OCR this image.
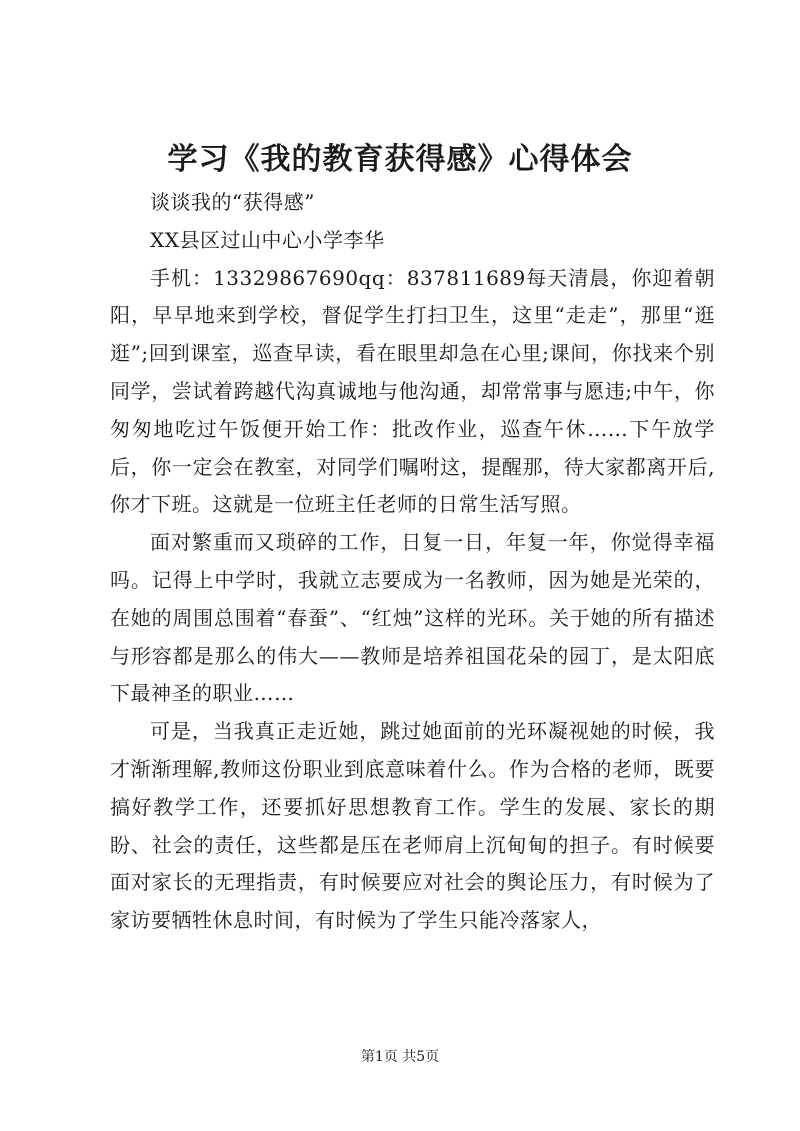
学习《我的教育获得感》心得体会

谈谈我的“获得感”

XX县区过山中心小学李华

手机：13329867690qq：837811689每天清晨，你迎着朝阳，早早地来到学校，督促学生打扫卫生，这里“走走”，那里“逛逛”;回到课室，巡查早读，看在眼里却急在心里;课间，你找来个别同学，尝试着跨越代沟真诚地与他沟通，却常常事与愿违;中午，你匆匆地吃过午饭便开始工作：批改作业，巡查午休……下午放学后，你一定会在教室，对同学们嘱咐这，提醒那，待大家都离开后,你才下班。这就是一位班主任老师的日常生活写照。

面对繁重而又琐碎的工作，日复一日，年复一年，你觉得幸福吗。记得上中学时，我就立志要成为一名教师，因为她是光荣的，在她的周围总围着“春蚕”、“红烛”这样的光环。关于她的所有描述与形容都是那么的伟大——教师是培养祖国花朵的园丁，是太阳底下最神圣的职业……

可是，当我真正走近她，跳过她面前的光环凝视她的时候，我才渐渐理解,教师这份职业到底意味着什么。作为合格的老师，既要搞好教学工作，还要抓好思想教育工作。学生的发展、家长的期盼、社会的责任，这些都是压在老师肩上沉甸甸的担子。有时候要面对家长的无理指责，有时候要应对社会的舆论压力，有时候为了家访要牺牲休息时间，有时候为了学生只能冷落家人，

第1页 共5页
